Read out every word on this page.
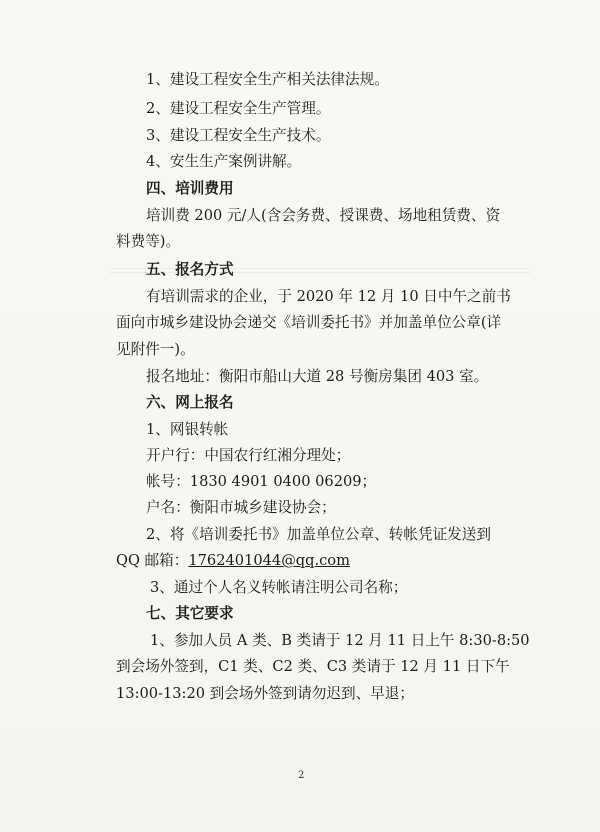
1、建设工程安全生产相关法律法规。
2、建设工程安全生产管理。
3、建设工程安全生产技术。
4、安生生产案例讲解。
四、培训费用
培训费 200 元/人(含会务费、授课费、场地租赁费、资
料费等)。
五、报名方式
有培训需求的企业，于 2020 年 12 月 10 日中午之前书
面向市城乡建设协会递交《培训委托书》并加盖单位公章(详
见附件一)。
报名地址：衡阳市船山大道 28 号衡房集团 403 室。
六、网上报名
1、网银转帐
开户行：中国农行红湘分理处；
帐号：1830 4901 0400 06209；
户名：衡阳市城乡建设协会；
2、将《培训委托书》加盖单位公章、转帐凭证发送到
QQ 邮箱：1762401044@qq.com
3、通过个人名义转帐请注明公司名称；
七、其它要求
1、参加人员 A 类、B 类请于 12 月 11 日上午 8:30-8:50
到会场外签到，C1 类、C2 类、C3 类请于 12 月 11 日下午
13:00-13:20 到会场外签到请勿迟到、早退；
2
